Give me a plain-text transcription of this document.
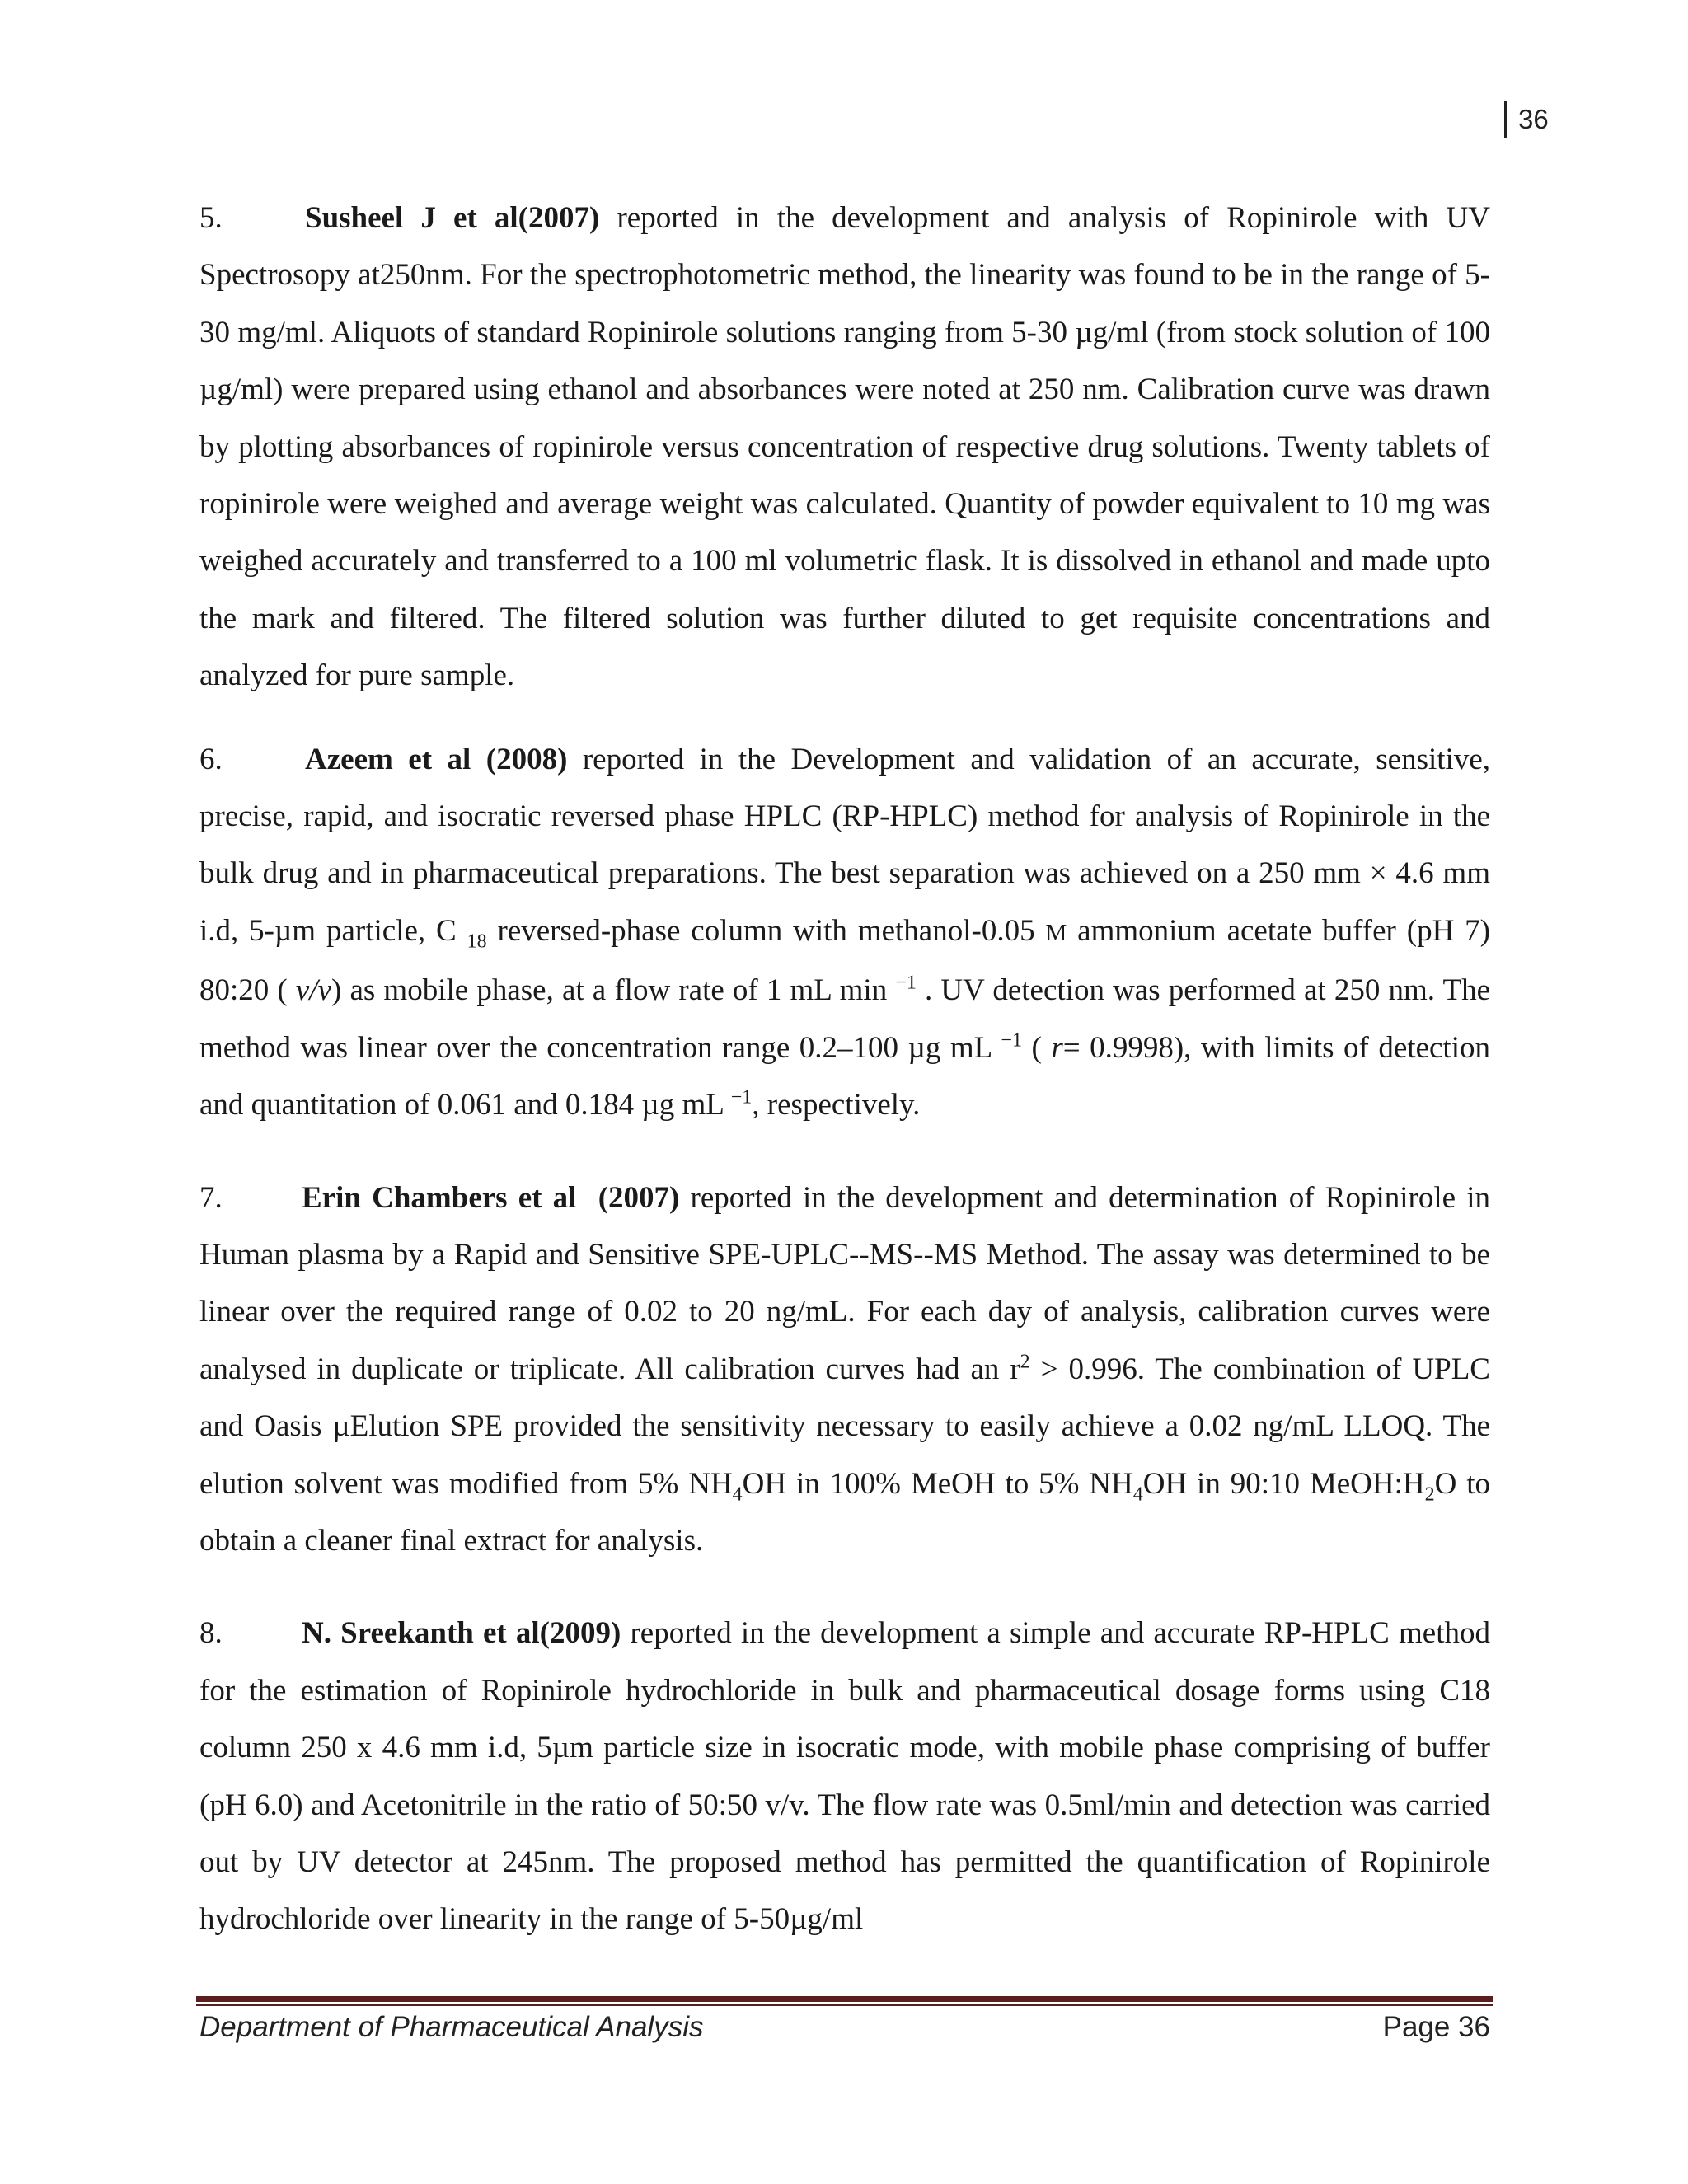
36

5.	Susheel J et al(2007) reported in the development and analysis of Ropinirole with UV Spectrosopy at250nm. For the spectrophotometric method, the linearity was found to be in the range of 5-30 mg/ml. Aliquots of standard Ropinirole solutions ranging from 5-30 µg/ml (from stock solution of 100 µg/ml) were prepared using ethanol and absorbances were noted at 250 nm. Calibration curve was drawn by plotting absorbances of ropinirole versus concentration of respective drug solutions. Twenty tablets of ropinirole were weighed and average weight was calculated. Quantity of powder equivalent to 10 mg was weighed accurately and transferred to a 100 ml volumetric flask. It is dissolved in ethanol and made upto the mark and filtered. The filtered solution was further diluted to get requisite concentrations and analyzed for pure sample.

6.	Azeem et al (2008) reported in the Development and validation of an accurate, sensitive, precise, rapid, and isocratic reversed phase HPLC (RP-HPLC) method for analysis of Ropinirole in the bulk drug and in pharmaceutical preparations. The best separation was achieved on a 250 mm × 4.6 mm i.d, 5-µm particle, C $_{18}$ reversed-phase column with methanol-0.05 M ammonium acetate buffer (pH 7) 80:20 ( v/v) as mobile phase, at a flow rate of 1 mL min $^{-1}$ . UV detection was performed at 250 nm. The method was linear over the concentration range 0.2–100 µg mL $^{-1}$ ( r= 0.9998), with limits of detection and quantitation of 0.061 and 0.184 µg mL $^{-1}$, respectively.

7.	Erin Chambers et al  (2007) reported in the development and determination of Ropinirole in Human plasma by a Rapid and Sensitive SPE-UPLC--MS--MS Method. The assay was determined to be linear over the required range of 0.02 to 20 ng/mL. For each day of analysis, calibration curves were analysed in duplicate or triplicate. All calibration curves had an $r^2 > 0.996$. The combination of UPLC and Oasis µElution SPE provided the sensitivity necessary to easily achieve a 0.02 ng/mL LLOQ. The elution solvent was modified from 5% $NH_4OH$ in 100% MeOH to 5% $NH_4OH$ in 90:10 $MeOH:H_2O$ to obtain a cleaner final extract for analysis.

8.	N. Sreekanth et al(2009) reported in the development a simple and accurate RP-HPLC method for the estimation of Ropinirole hydrochloride in bulk and pharmaceutical dosage forms using C18 column 250 x 4.6 mm i.d, 5µm particle size in isocratic mode, with mobile phase comprising of buffer (pH 6.0) and Acetonitrile in the ratio of 50:50 v/v. The flow rate was 0.5ml/min and detection was carried out by UV detector at 245nm. The proposed method has permitted the quantification of Ropinirole hydrochloride over linearity in the range of 5-50µg/ml

Department of Pharmaceutical Analysis	Page 36
